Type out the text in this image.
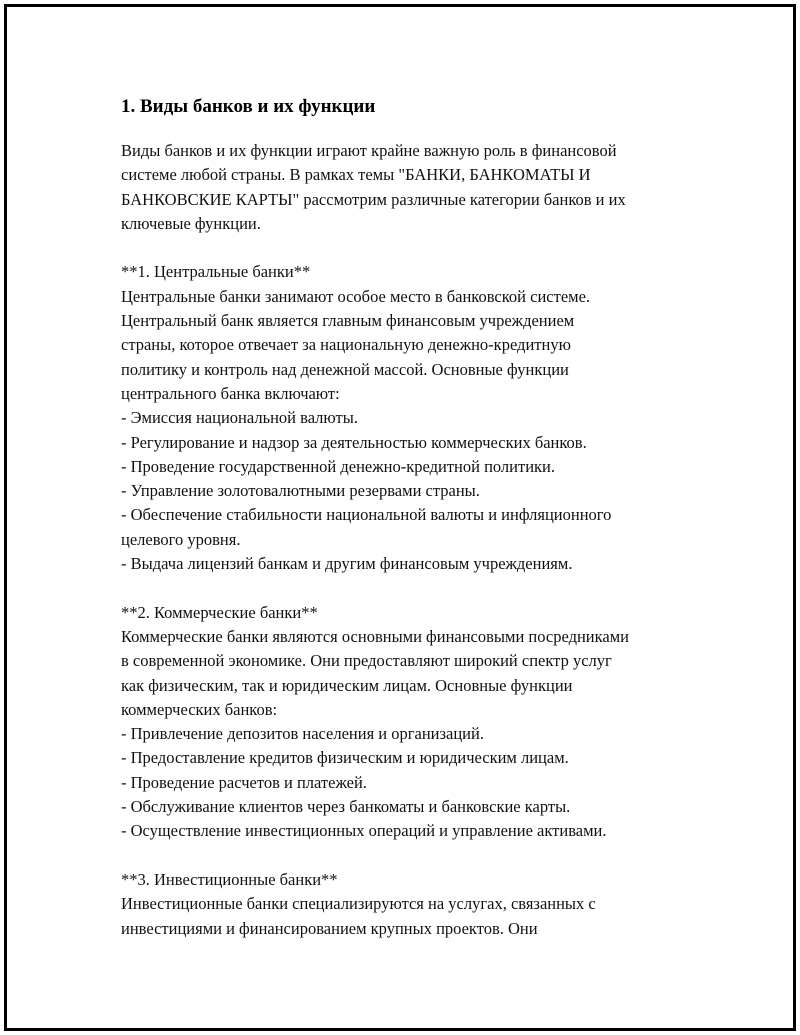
1. Виды банков и их функции
Виды банков и их функции играют крайне важную роль в финансовой
системе любой страны. В рамках темы "БАНКИ, БАНКОМАТЫ И
БАНКОВСКИЕ КАРТЫ" рассмотрим различные категории банков и их
ключевые функции.
**1. Центральные банки**
Центральные банки занимают особое место в банковской системе.
Центральный банк является главным финансовым учреждением
страны, которое отвечает за национальную денежно-кредитную
политику и контроль над денежной массой. Основные функции
центрального банка включают:
- Эмиссия национальной валюты.
- Регулирование и надзор за деятельностью коммерческих банков.
- Проведение государственной денежно-кредитной политики.
- Управление золотовалютными резервами страны.
- Обеспечение стабильности национальной валюты и инфляционного
целевого уровня.
- Выдача лицензий банкам и другим финансовым учреждениям.
**2. Коммерческие банки**
Коммерческие банки являются основными финансовыми посредниками
в современной экономике. Они предоставляют широкий спектр услуг
как физическим, так и юридическим лицам. Основные функции
коммерческих банков:
- Привлечение депозитов населения и организаций.
- Предоставление кредитов физическим и юридическим лицам.
- Проведение расчетов и платежей.
- Обслуживание клиентов через банкоматы и банковские карты.
- Осуществление инвестиционных операций и управление активами.
**3. Инвестиционные банки**
Инвестиционные банки специализируются на услугах, связанных с
инвестициями и финансированием крупных проектов. Они
